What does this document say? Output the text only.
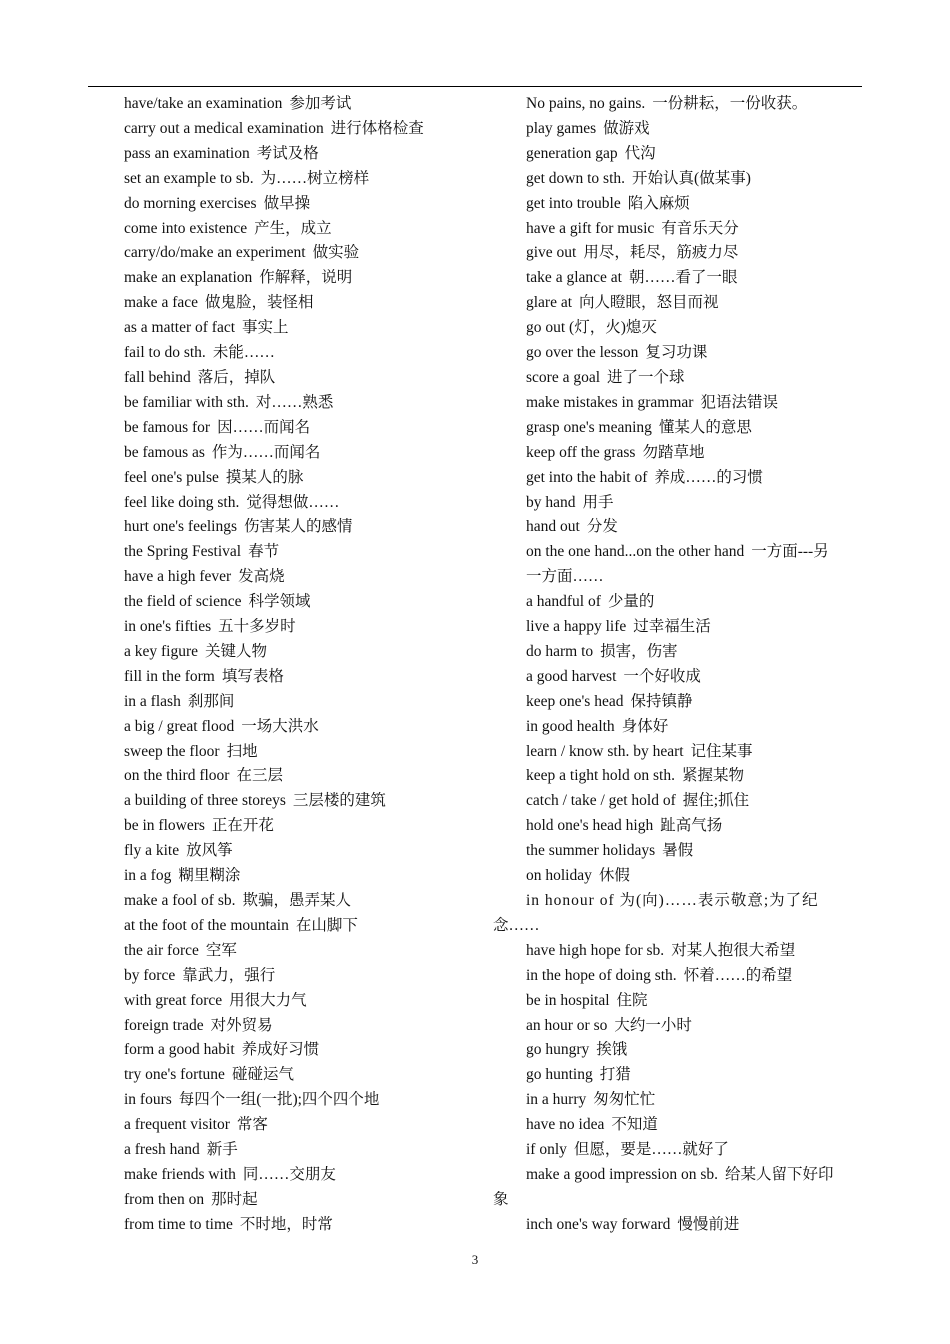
have/take an examination 参加考试
carry out a medical examination 进行体格检查
pass an examination 考试及格
set an example to sb. 为……树立榜样
do morning exercises 做早操
come into existence 产生，成立
carry/do/make an experiment 做实验
make an explanation 作解释，说明
make a face 做鬼脸，装怪相
as a matter of fact 事实上
fail to do sth. 未能……
fall behind 落后，掉队
be familiar with sth. 对……熟悉
be famous for 因……而闻名
be famous as 作为……而闻名
feel one's pulse 摸某人的脉
feel like doing sth. 觉得想做……
hurt one's feelings 伤害某人的感情
the Spring Festival 春节
have a high fever 发高烧
the field of science 科学领域
in one's fifties 五十多岁时
a key figure 关键人物
fill in the form 填写表格
in a flash 刹那间
a big / great flood 一场大洪水
sweep the floor 扫地
on the third floor 在三层
a building of three storeys 三层楼的建筑
be in flowers 正在开花
fly a kite 放风筝
in a fog 糊里糊涂
make a fool of sb. 欺骗，愚弄某人
at the foot of the mountain 在山脚下
the air force 空军
by force 靠武力，强行
with great force 用很大力气
foreign trade 对外贸易
form a good habit 养成好习惯
try one's fortune 碰碰运气
in fours 每四个一组(一批);四个四个地
a frequent visitor 常客
a fresh hand 新手
make friends with 同……交朋友
from then on 那时起
from time to time 不时地，时常
No pains, no gains. 一份耕耘，一份收获。
play games 做游戏
generation gap 代沟
get down to sth. 开始认真(做某事)
get into trouble 陷入麻烦
have a gift for music 有音乐天分
give out 用尽，耗尽，筋疲力尽
take a glance at 朝……看了一眼
glare at 向人瞪眼，怒目而视
go out (灯，火)熄灭
go over the lesson 复习功课
score a goal 进了一个球
make mistakes in grammar 犯语法错误
grasp one's meaning 懂某人的意思
keep off the grass 勿踏草地
get into the habit of 养成……的习惯
by hand 用手
hand out 分发
on the one hand...on the other hand 一方面---另
一方面……
a handful of 少量的
live a happy life 过幸福生活
do harm to 损害，伤害
a good harvest 一个好收成
keep one's head 保持镇静
in good health 身体好
learn / know sth. by heart 记住某事
keep a tight hold on sth. 紧握某物
catch / take / get hold of 握住;抓住
hold one's head high 趾高气扬
the summer holidays 暑假
on holiday 休假
in honour of 为(向)……表示敬意;为了纪
念……
have high hope for sb. 对某人抱很大希望
in the hope of doing sth. 怀着……的希望
be in hospital 住院
an hour or so 大约一小时
go hungry 挨饿
go hunting 打猎
in a hurry 匆匆忙忙
have no idea 不知道
if only 但愿，要是……就好了
make a good impression on sb. 给某人留下好印
象
inch one's way forward 慢慢前进
3
